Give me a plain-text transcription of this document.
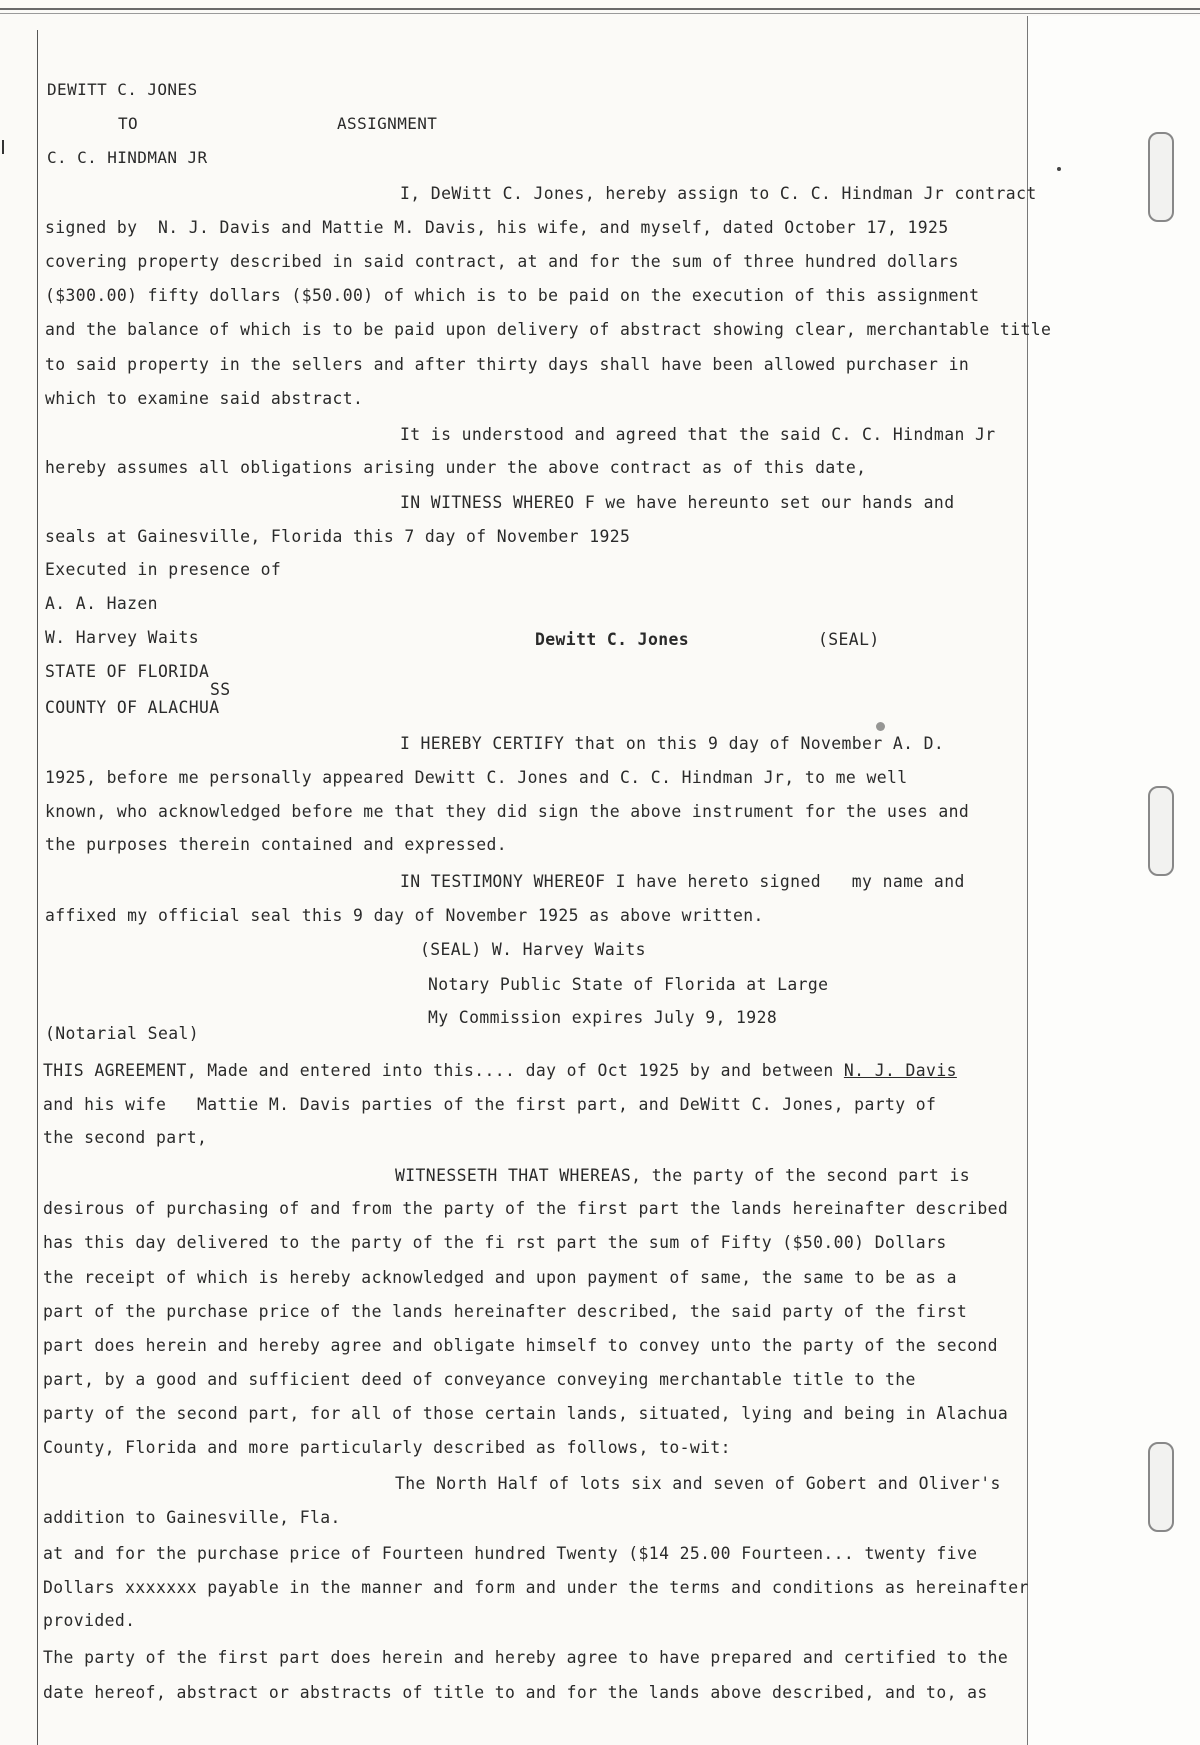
DEWITT C. JONES
TO	ASSIGNMENT
C. C. HINDMAN JR
I, DeWitt C. Jones, hereby assign to C. C. Hindman Jr contract
signed by  N. J. Davis and Mattie M. Davis, his wife, and myself, dated October 17, 1925
covering property described in said contract, at and for the sum of three hundred dollars
($300.00) fifty dollars ($50.00) of which is to be paid on the execution of this assignment
and the balance of which is to be paid upon delivery of abstract showing clear, merchantable title
to said property in the sellers and after thirty days shall have been allowed purchaser in
which to examine said abstract.
It is understood and agreed that the said C. C. Hindman Jr
hereby assumes all obligations arising under the above contract as of this date,
IN WITNESS WHEREO F we have hereunto set our hands and
seals at Gainesville, Florida this 7 day of November 1925
Executed in presence of
A. A. Hazen
W. Harvey Waits	Dewitt C. Jones	(SEAL)
STATE OF FLORIDA
SS
COUNTY OF ALACHUA
I HEREBY CERTIFY that on this 9 day of November A. D.
1925, before me personally appeared Dewitt C. Jones and C. C. Hindman Jr, to me well
known, who acknowledged before me that they did sign the above instrument for the uses and
the purposes therein contained and expressed.
IN TESTIMONY WHEREOF I have hereto signed   my name and
affixed my official seal this 9 day of November 1925 as above written.
(SEAL) W. Harvey Waits
Notary Public State of Florida at Large
My Commission expires July 9, 1928
(Notarial Seal)
THIS AGREEMENT, Made and entered into this.... day of Oct 1925 by and between N. J. Davis
and his wife   Mattie M. Davis parties of the first part, and DeWitt C. Jones, party of
the second part,
WITNESSETH THAT WHEREAS, the party of the second part is
desirous of purchasing of and from the party of the first part the lands hereinafter described
has this day delivered to the party of the fi rst part the sum of Fifty ($50.00) Dollars
the receipt of which is hereby acknowledged and upon payment of same, the same to be as a
part of the purchase price of the lands hereinafter described, the said party of the first
part does herein and hereby agree and obligate himself to convey unto the party of the second
part, by a good and sufficient deed of conveyance conveying merchantable title to the
party of the second part, for all of those certain lands, situated, lying and being in Alachua
County, Florida and more particularly described as follows, to-wit:
The North Half of lots six and seven of Gobert and Oliver's
addition to Gainesville, Fla.
at and for the purchase price of Fourteen hundred Twenty ($14 25.00 Fourteen... twenty five
Dollars xxxxxxx payable in the manner and form and under the terms and conditions as hereinafter
provided.
The party of the first part does herein and hereby agree to have prepared and certified to the
date hereof, abstract or abstracts of title to and for the lands above described, and to, as
